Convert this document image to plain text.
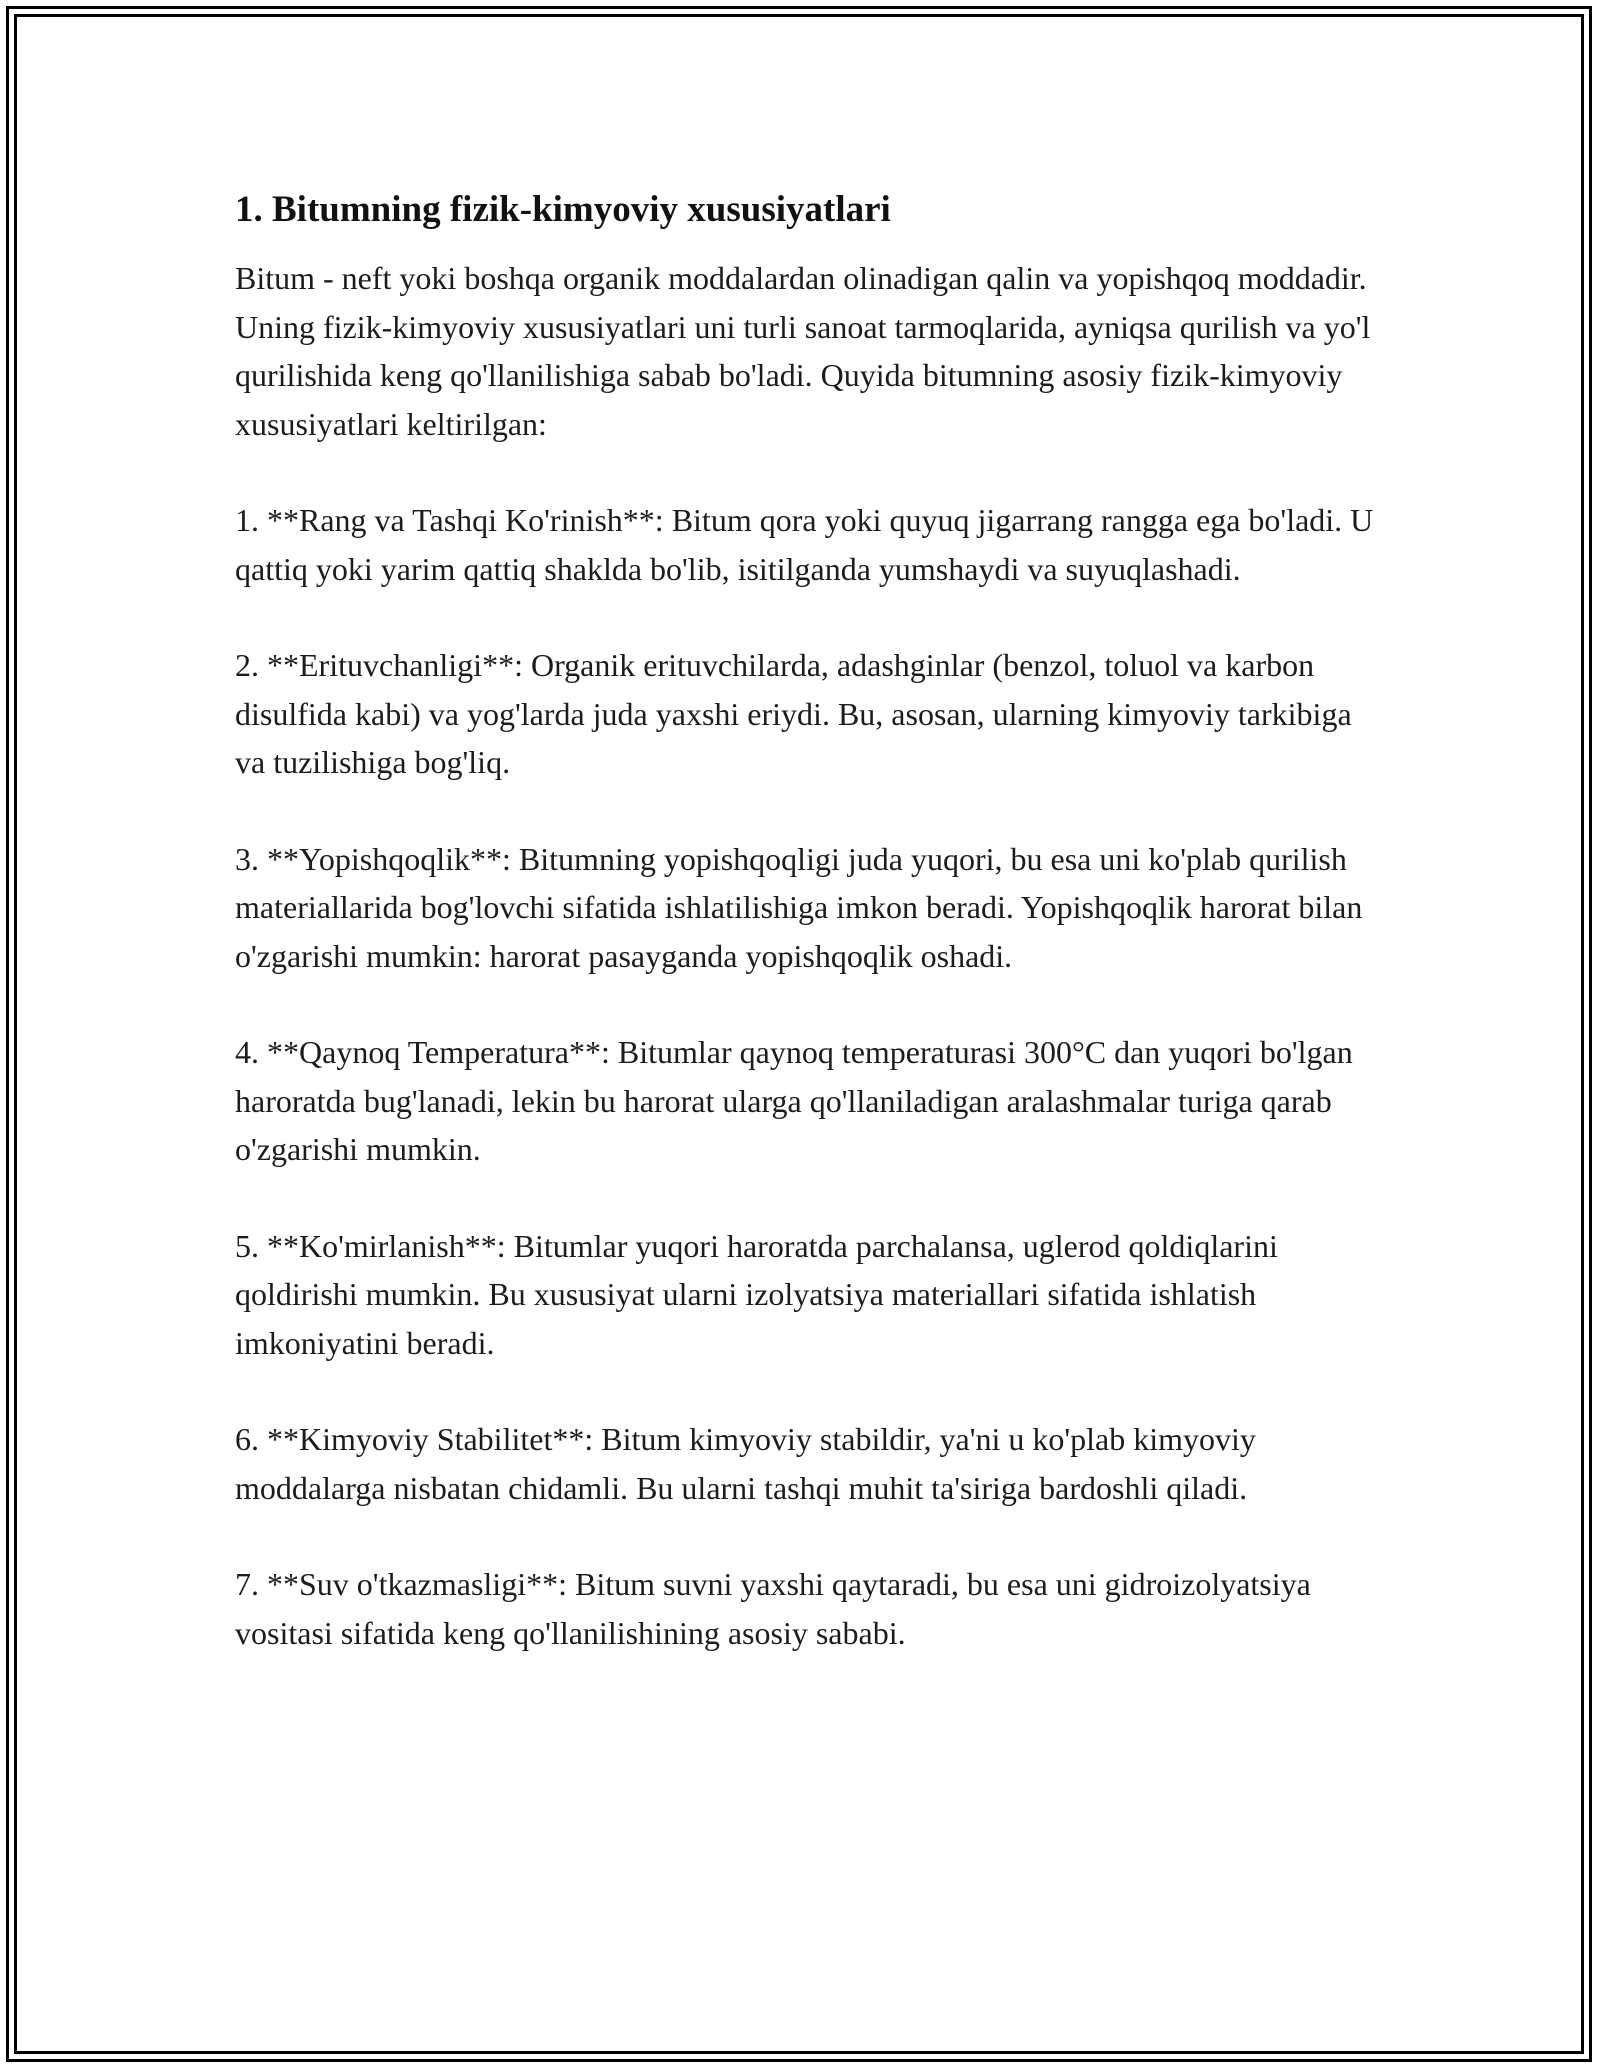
1. Bitumning fizik-kimyoviy xususiyatlari

Bitum - neft yoki boshqa organik moddalardan olinadigan qalin va yopishqoq moddadir. Uning fizik-kimyoviy xususiyatlari uni turli sanoat tarmoqlarida, ayniqsa qurilish va yo'l qurilishida keng qo'llanilishiga sabab bo'ladi. Quyida bitumning asosiy fizik-kimyoviy xususiyatlari keltirilgan:

1. **Rang va Tashqi Ko'rinish**: Bitum qora yoki quyuq jigarrang rangga ega bo'ladi. U qattiq yoki yarim qattiq shaklda bo'lib, isitilganda yumshaydi va suyuqlashadi.

2. **Erituvchanligi**: Organik erituvchilarda, adashginlar (benzol, toluol va karbon disulfida kabi) va yog'larda juda yaxshi eriydi. Bu, asosan, ularning kimyoviy tarkibiga va tuzilishiga bog'liq.

3. **Yopishqoqlik**: Bitumning yopishqoqligi juda yuqori, bu esa uni ko'plab qurilish materiallarida bog'lovchi sifatida ishlatilishiga imkon beradi. Yopishqoqlik harorat bilan o'zgarishi mumkin: harorat pasayganda yopishqoqlik oshadi.

4. **Qaynoq Temperatura**: Bitumlar qaynoq temperaturasi 300°C dan yuqori bo'lgan haroratda bug'lanadi, lekin bu harorat ularga qo'llaniladigan aralashmalar turiga qarab o'zgarishi mumkin.

5. **Ko'mirlanish**: Bitumlar yuqori haroratda parchalansa, uglerod qoldiqlarini qoldirishi mumkin. Bu xususiyat ularni izolyatsiya materiallari sifatida ishlatish imkoniyatini beradi.

6. **Kimyoviy Stabilitet**: Bitum kimyoviy stabildir, ya'ni u ko'plab kimyoviy moddalarga nisbatan chidamli. Bu ularni tashqi muhit ta'siriga bardoshli qiladi.

7. **Suv o'tkazmasligi**: Bitum suvni yaxshi qaytaradi, bu esa uni gidroizolyatsiya vositasi sifatida keng qo'llanilishining asosiy sababi.
